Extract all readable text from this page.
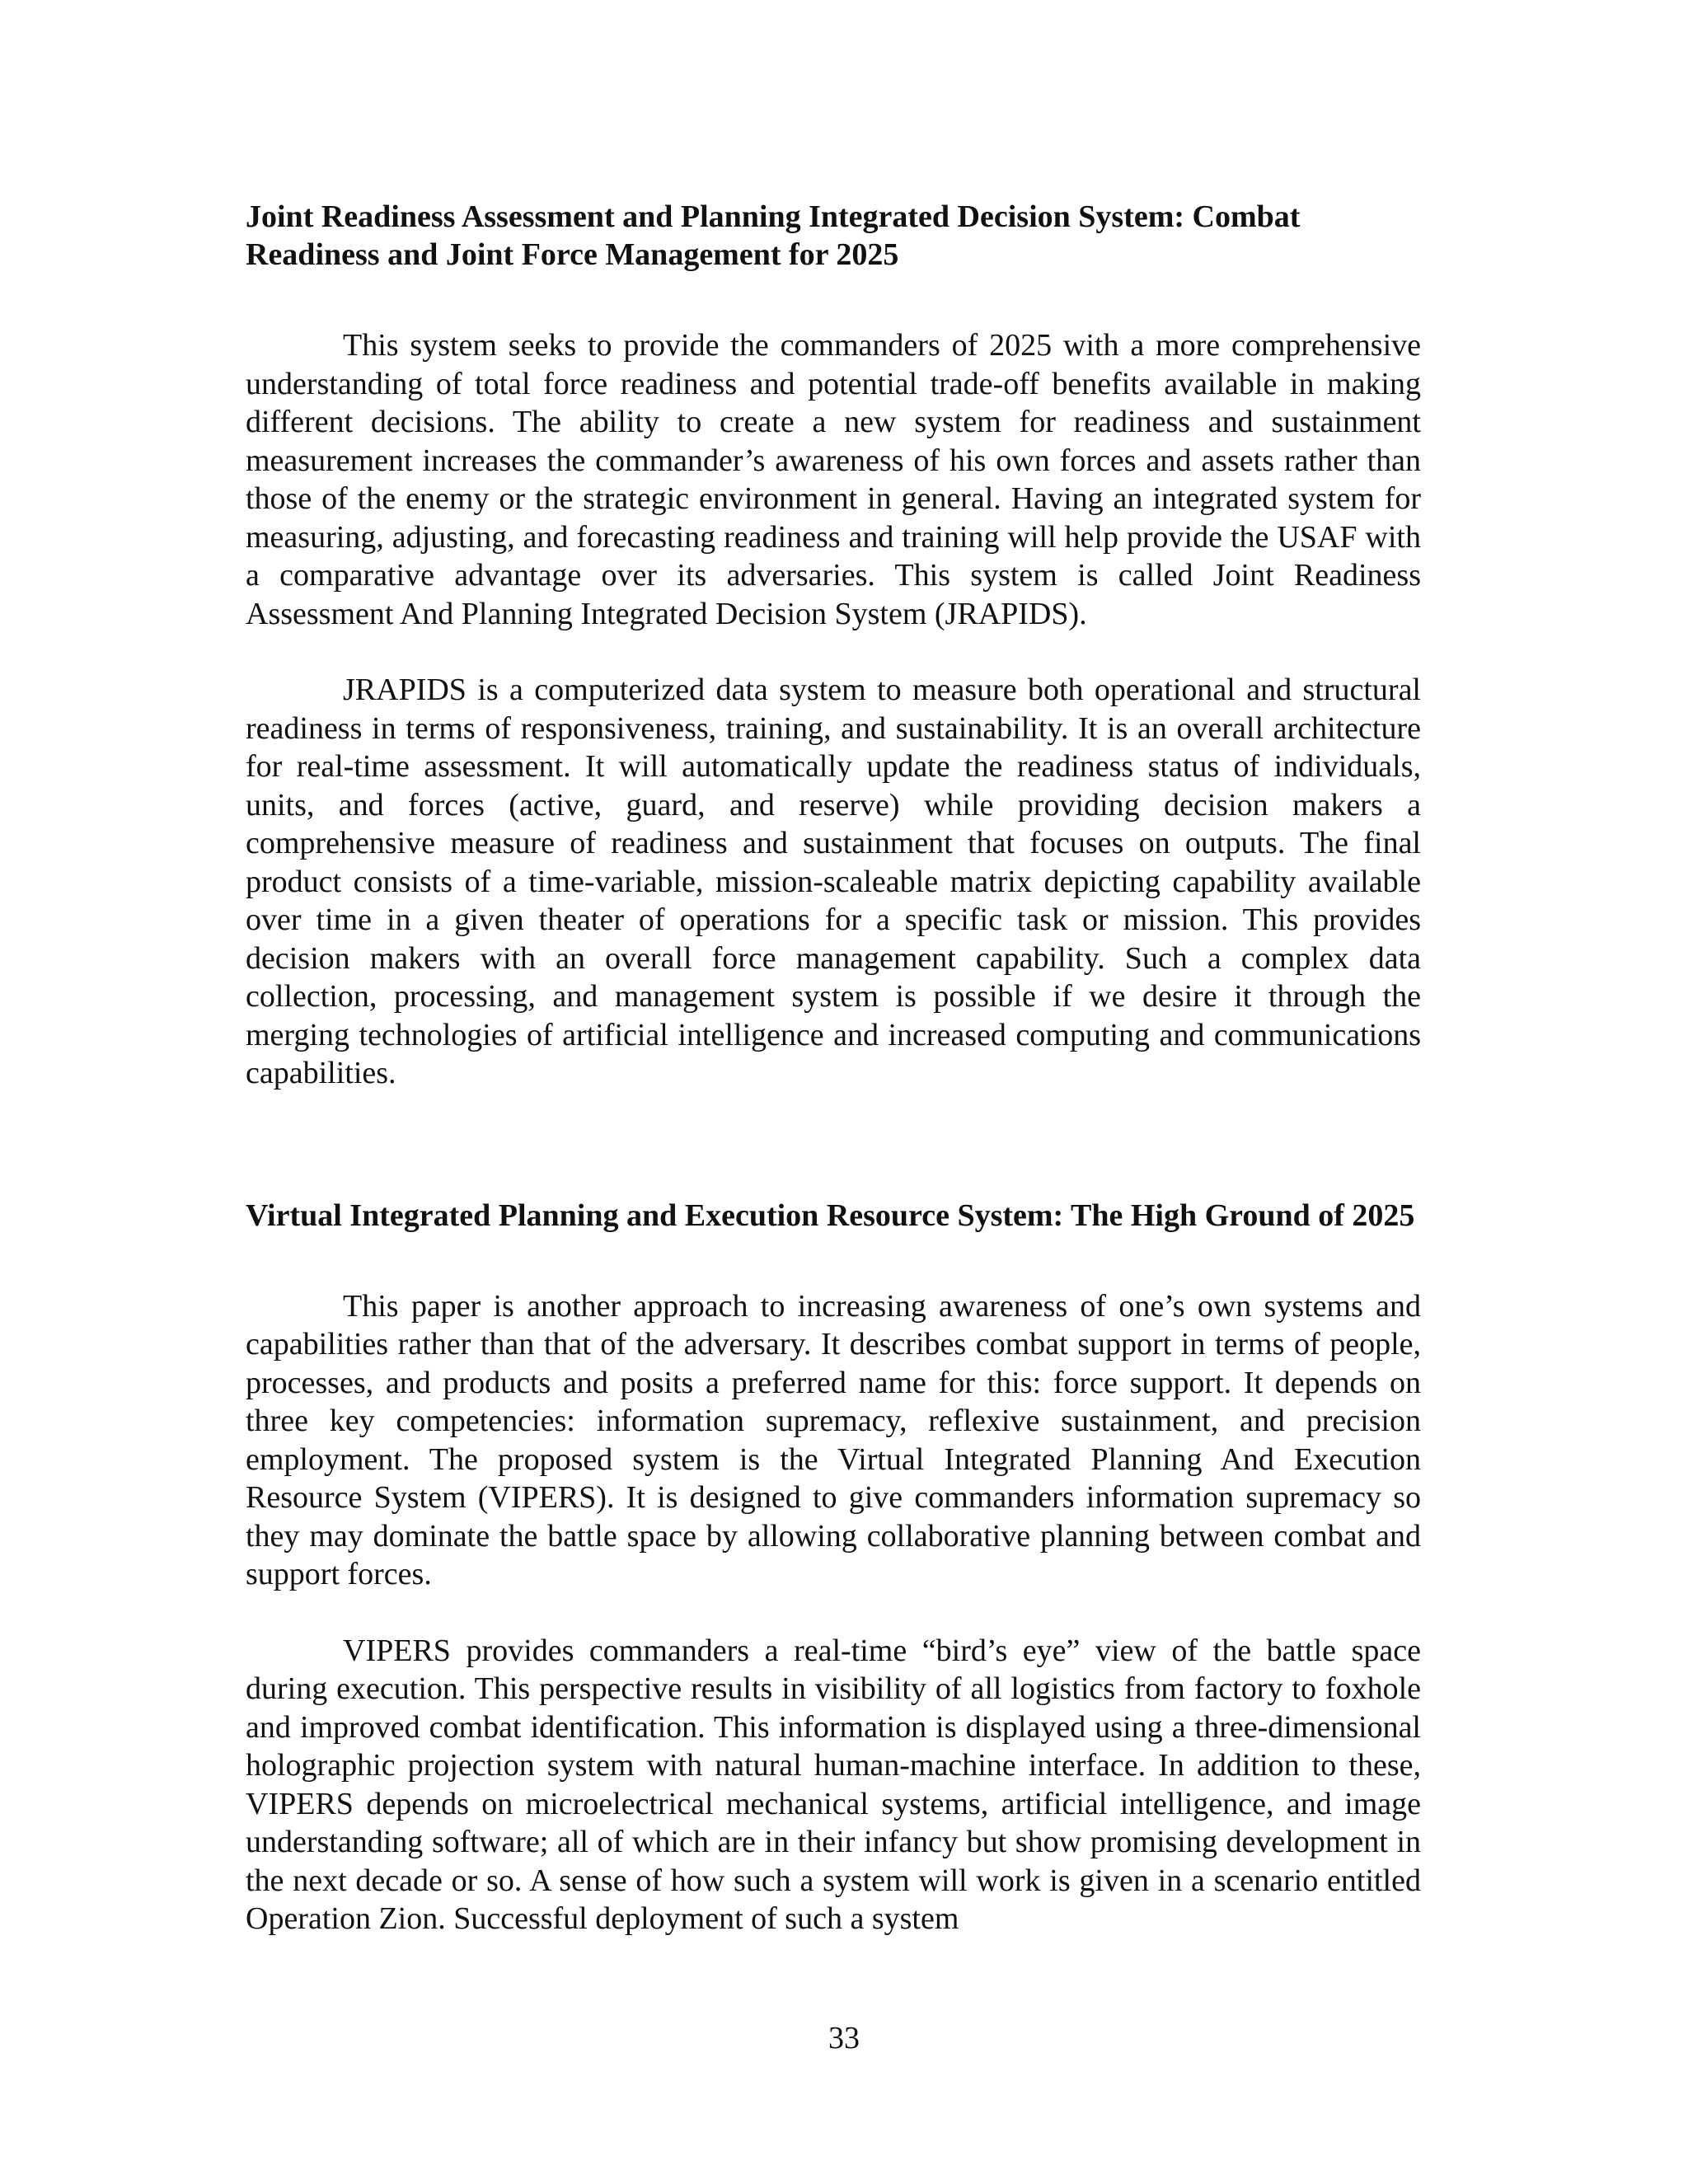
Joint Readiness Assessment and Planning Integrated Decision System: Combat Readiness and Joint Force Management for 2025

This system seeks to provide the commanders of 2025 with a more comprehensive understanding of total force readiness and potential trade-off benefits available in making different decisions. The ability to create a new system for readiness and sustainment measurement increases the commander’s awareness of his own forces and assets rather than those of the enemy or the strategic environment in general. Having an integrated system for measuring, adjusting, and forecasting readiness and training will help provide the USAF with a comparative advantage over its adversaries. This system is called Joint Readiness Assessment And Planning Integrated Decision System (JRAPIDS).

JRAPIDS is a computerized data system to measure both operational and structural readiness in terms of responsiveness, training, and sustainability. It is an overall architecture for real-time assessment. It will automatically update the readiness status of individuals, units, and forces (active, guard, and reserve) while providing decision makers a comprehensive measure of readiness and sustainment that focuses on outputs. The final product consists of a time-variable, mission-scaleable matrix depicting capability available over time in a given theater of operations for a specific task or mission. This provides decision makers with an overall force management capability. Such a complex data collection, processing, and management system is possible if we desire it through the merging technologies of artificial intelligence and increased computing and communications capabilities.

Virtual Integrated Planning and Execution Resource System: The High Ground of 2025

This paper is another approach to increasing awareness of one’s own systems and capabilities rather than that of the adversary. It describes combat support in terms of people, processes, and products and posits a preferred name for this: force support. It depends on three key competencies: information supremacy, reflexive sustainment, and precision employment. The proposed system is the Virtual Integrated Planning And Execution Resource System (VIPERS). It is designed to give commanders information supremacy so they may dominate the battle space by allowing collaborative planning between combat and support forces.

VIPERS provides commanders a real-time “bird’s eye” view of the battle space during execution. This perspective results in visibility of all logistics from factory to foxhole and improved combat identification. This information is displayed using a three-dimensional holographic projection system with natural human-machine interface. In addition to these, VIPERS depends on microelectrical mechanical systems, artificial intelligence, and image understanding software; all of which are in their infancy but show promising development in the next decade or so. A sense of how such a system will work is given in a scenario entitled Operation Zion. Successful deployment of such a system

33
